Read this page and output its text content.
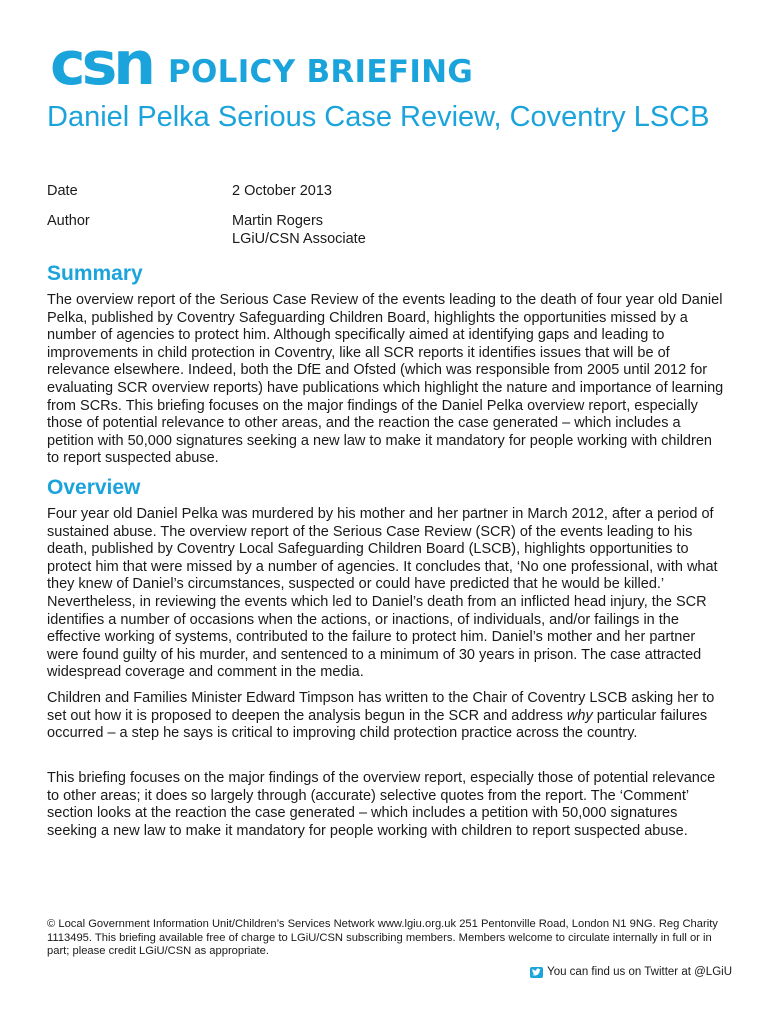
csn POLICY BRIEFING
Daniel Pelka Serious Case Review, Coventry LSCB
Date	2 October 2013
Author	Martin Rogers
LGiU/CSN Associate
Summary

The overview report of the Serious Case Review of the events leading to the death of four year old Daniel Pelka, published by Coventry Safeguarding Children Board, highlights the opportunities missed by a number of agencies to protect him. Although specifically aimed at identifying gaps and leading to improvements in child protection in Coventry, like all SCR reports it identifies issues that will be of relevance elsewhere. Indeed, both the DfE and Ofsted (which was responsible from 2005 until 2012 for evaluating SCR overview reports) have publications which highlight the nature and importance of learning from SCRs. This briefing focuses on the major findings of the Daniel Pelka overview report, especially those of potential relevance to other areas, and the reaction the case generated – which includes a petition with 50,000 signatures seeking a new law to make it mandatory for people working with children to report suspected abuse.

Overview

Four year old Daniel Pelka was murdered by his mother and her partner in March 2012, after a period of sustained abuse. The overview report of the Serious Case Review (SCR) of the events leading to his death, published by Coventry Local Safeguarding Children Board (LSCB), highlights opportunities to protect him that were missed by a number of agencies. It concludes that, ‘No one professional, with what they knew of Daniel’s circumstances, suspected or could have predicted that he would be killed.’ Nevertheless, in reviewing the events which led to Daniel’s death from an inflicted head injury, the SCR identifies a number of occasions when the actions, or inactions, of individuals, and/or failings in the effective working of systems, contributed to the failure to protect him. Daniel’s mother and her partner were found guilty of his murder, and sentenced to a minimum of 30 years in prison. The case attracted widespread coverage and comment in the media.

Children and Families Minister Edward Timpson has written to the Chair of Coventry LSCB asking her to set out how it is proposed to deepen the analysis begun in the SCR and address why particular failures occurred – a step he says is critical to improving child protection practice across the country.

This briefing focuses on the major findings of the overview report, especially those of potential relevance to other areas; it does so largely through (accurate) selective quotes from the report. The ‘Comment’ section looks at the reaction the case generated – which includes a petition with 50,000 signatures seeking a new law to make it mandatory for people working with children to report suspected abuse.

© Local Government Information Unit/Children’s Services Network www.lgiu.org.uk 251 Pentonville Road, London N1 9NG. Reg Charity 1113495. This briefing available free of charge to LGiU/CSN subscribing members. Members welcome to circulate internally in full or in part; please credit LGiU/CSN as appropriate.
You can find us on Twitter at @LGiU
